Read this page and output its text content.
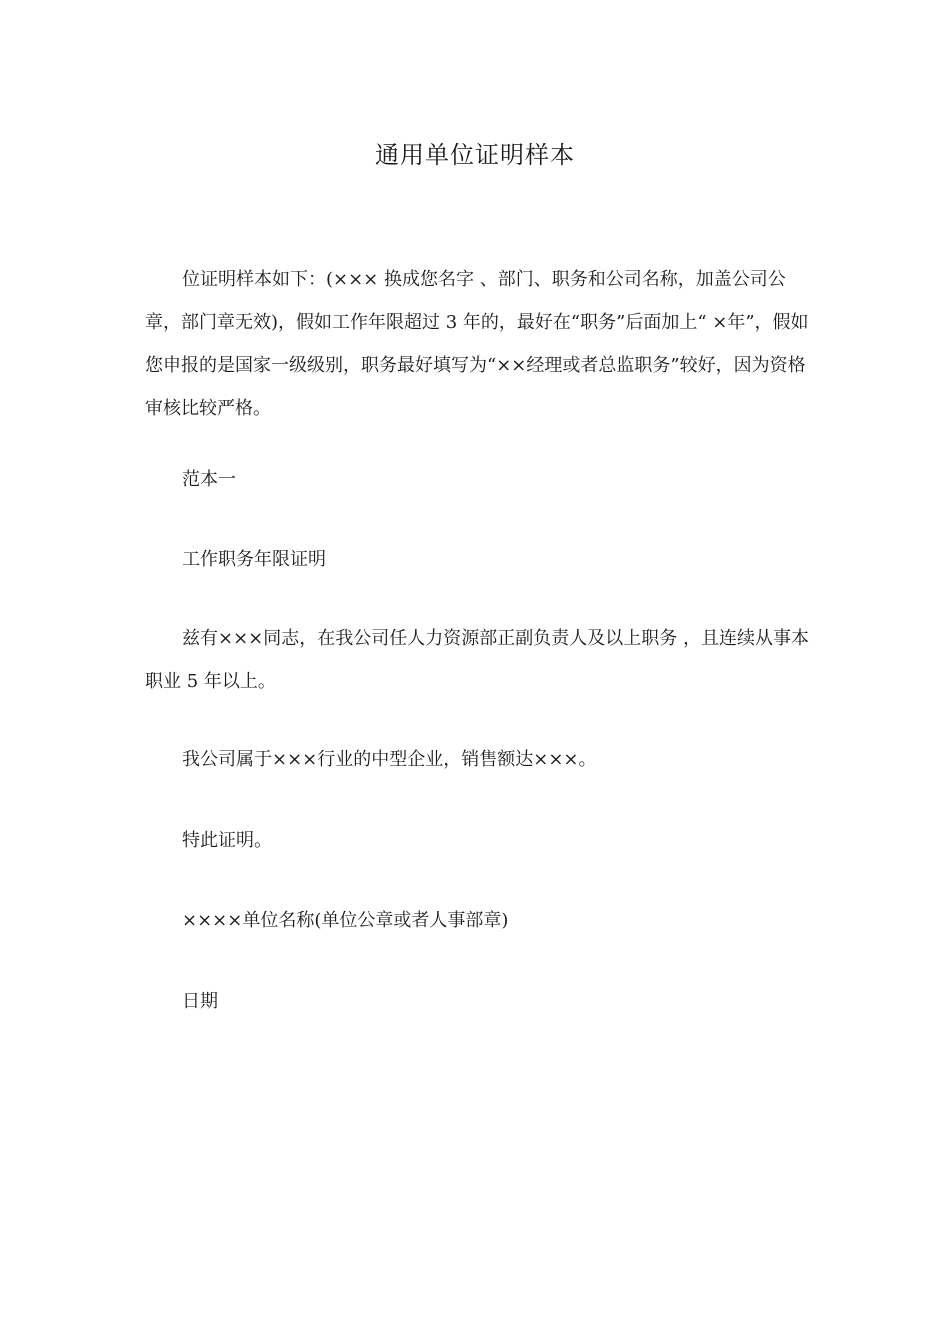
通用单位证明样本
位证明样本如下：(××× 换成您名字 、部门、职务和公司名称，加盖公司公章，部门章无效)，假如工作年限超过 3 年的，最好在“职务”后面加上“ ×年”，假如您申报的是国家一级级别，职务最好填写为“××经理或者总监职务”较好，因为资格审核比较严格。
范本一
工作职务年限证明
兹有×××同志，在我公司任人力资源部正副负责人及以上职务 ，且连续从事本职业 5 年以上。
我公司属于×××行业的中型企业，销售额达×××。
特此证明。
××××单位名称(单位公章或者人事部章)
日期
